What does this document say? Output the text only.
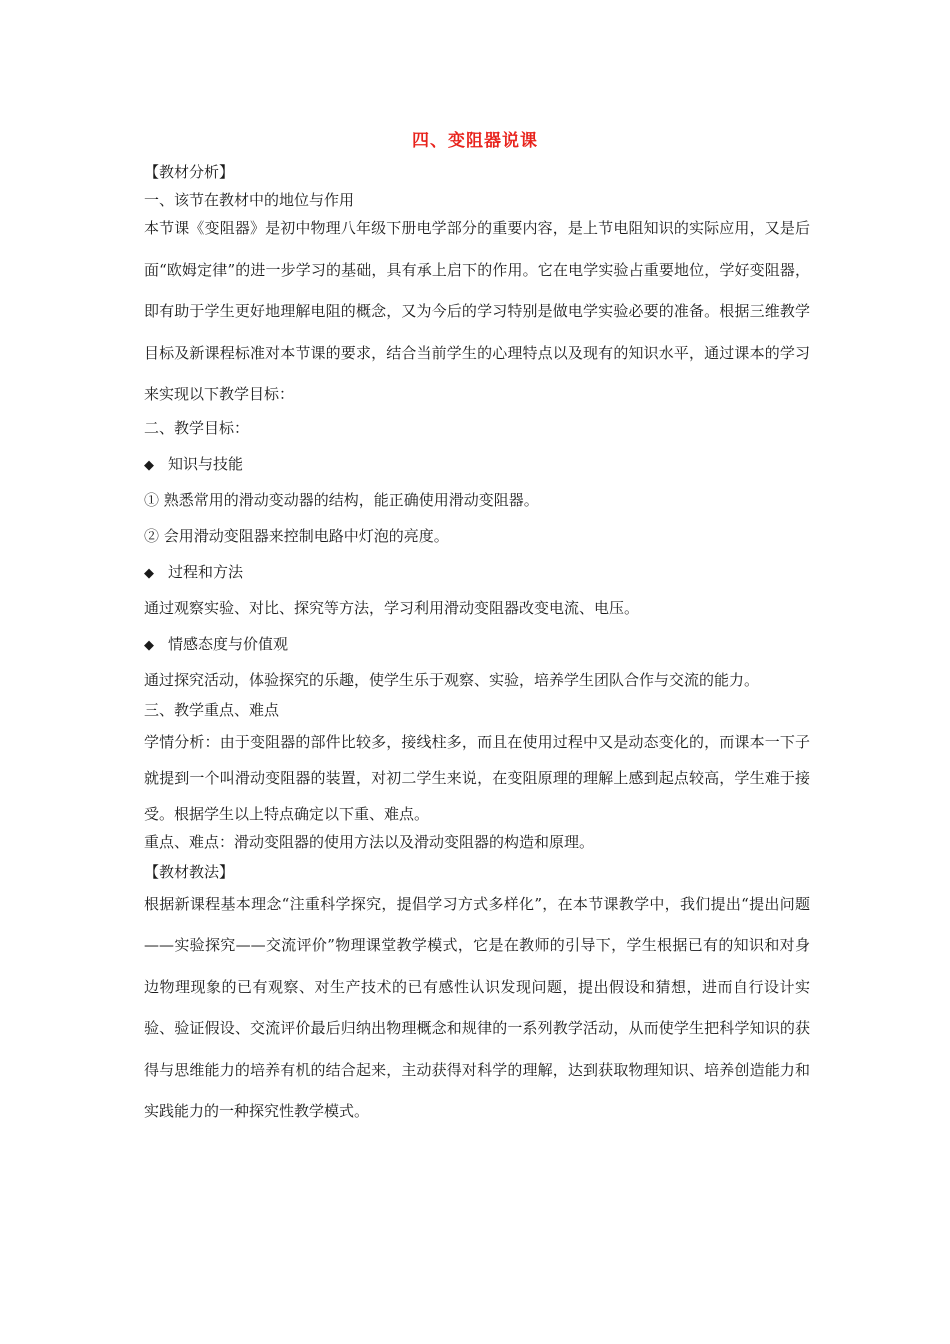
四、变阻器说课
【教材分析】
一、该节在教材中的地位与作用
本节课《变阻器》是初中物理八年级下册电学部分的重要内容，是上节电阻知识的实际应用，又是后面“欧姆定律”的进一步学习的基础，具有承上启下的作用。它在电学实验占重要地位，学好变阻器，即有助于学生更好地理解电阻的概念，又为今后的学习特别是做电学实验必要的准备。根据三维教学目标及新课程标准对本节课的要求，结合当前学生的心理特点以及现有的知识水平，通过课本的学习来实现以下教学目标：
二、教学目标：
◆ 知识与技能
① 熟悉常用的滑动变动器的结构，能正确使用滑动变阻器。
② 会用滑动变阻器来控制电路中灯泡的亮度。
◆ 过程和方法
通过观察实验、对比、探究等方法，学习利用滑动变阻器改变电流、电压。
◆ 情感态度与价值观
通过探究活动，体验探究的乐趣，使学生乐于观察、实验，培养学生团队合作与交流的能力。
三、教学重点、难点
学情分析：由于变阻器的部件比较多，接线柱多，而且在使用过程中又是动态变化的，而课本一下子就提到一个叫滑动变阻器的装置，对初二学生来说，在变阻原理的理解上感到起点较高，学生难于接受。根据学生以上特点确定以下重、难点。
重点、难点：滑动变阻器的使用方法以及滑动变阻器的构造和原理。
【教材教法】
根据新课程基本理念“注重科学探究，提倡学习方式多样化”，在本节课教学中，我们提出“提出问题——实验探究——交流评价”物理课堂教学模式，它是在教师的引导下，学生根据已有的知识和对身边物理现象的已有观察、对生产技术的已有感性认识发现问题，提出假设和猜想，进而自行设计实验、验证假设、交流评价最后归纳出物理概念和规律的一系列教学活动，从而使学生把科学知识的获得与思维能力的培养有机的结合起来，主动获得对科学的理解，达到获取物理知识、培养创造能力和实践能力的一种探究性教学模式。
